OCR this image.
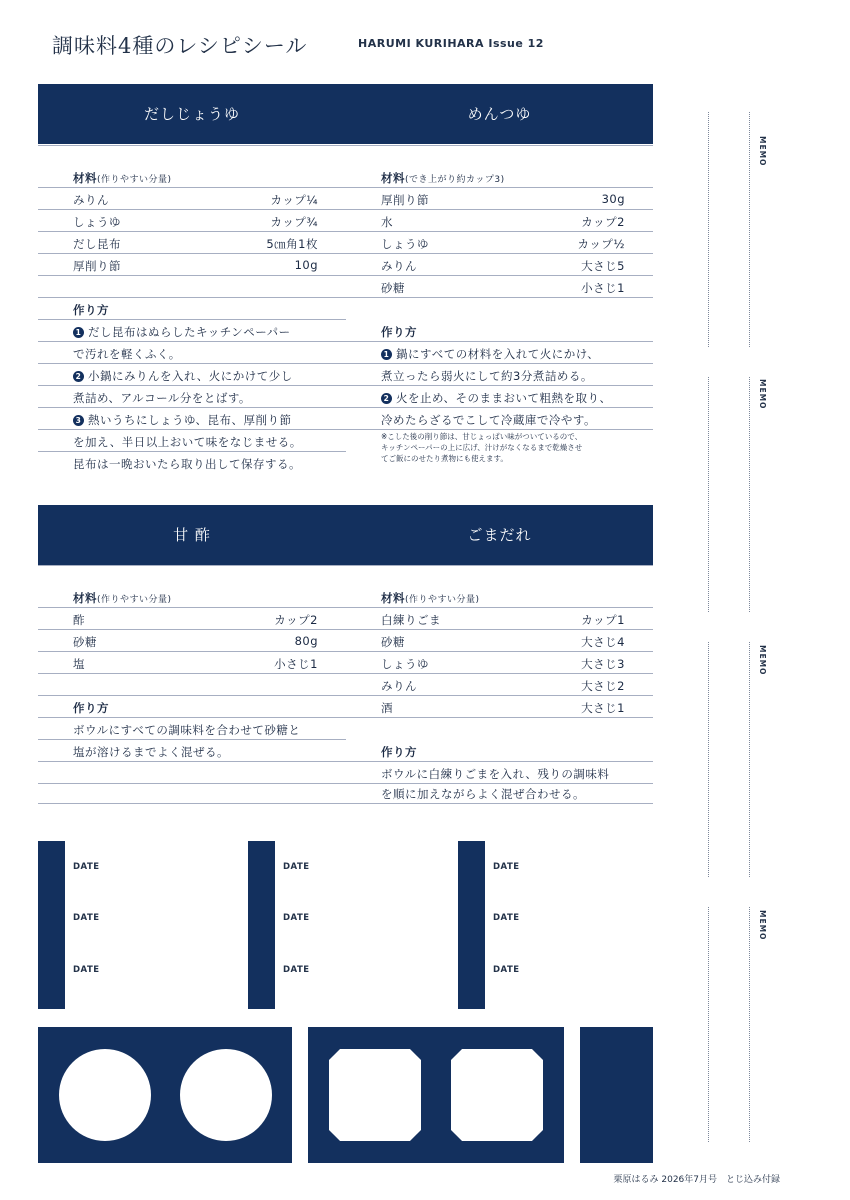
調味料4種のレシピシール	HARUMI KURIHARA Issue 12
だしじょうゆ	めんつゆ
材料(作りやすい分量)
みりん	カップ¼
しょうゆ	カップ¾
だし昆布	5㎝角1枚
厚削り節	10g
作り方
1 だし昆布はぬらしたキッチンペーパー
で汚れを軽くふく。
2 小鍋にみりんを入れ、火にかけて少し
煮詰め、アルコール分をとばす。
3 熱いうちにしょうゆ、昆布、厚削り節
を加え、半日以上おいて味をなじませる。
昆布は一晩おいたら取り出して保存する。
材料(でき上がり約カップ3)
厚削り節	30g
水	カップ2
しょうゆ	カップ½
みりん	大さじ5
砂糖	小さじ1
作り方
1 鍋にすべての材料を入れて火にかけ、
煮立ったら弱火にして約3分煮詰める。
2 火を止め、そのままおいて粗熱を取り、
冷めたらざるでこして冷蔵庫で冷やす。
※こした後の削り節は、甘じょっぱい味がついているので、
キッチンペーパーの上に広げ、汁けがなくなるまで乾燥させ
てご飯にのせたり煮物にも使えます。
甘 酢	ごまだれ
材料(作りやすい分量)
酢	カップ2
砂糖	80g
塩	小さじ1
作り方
ボウルにすべての調味料を合わせて砂糖と
塩が溶けるまでよく混ぜる。
材料(作りやすい分量)
白練りごま	カップ1
砂糖	大さじ4
しょうゆ	大さじ3
みりん	大さじ2
酒	大さじ1
作り方
ボウルに白練りごまを入れ、残りの調味料
を順に加えながらよく混ぜ合わせる。
MEMO
MEMO
MEMO
MEMO
DATE
DATE
DATE
DATE
DATE
DATE
DATE
DATE
DATE
栗原はるみ 2026年7月号　とじ込み付録
